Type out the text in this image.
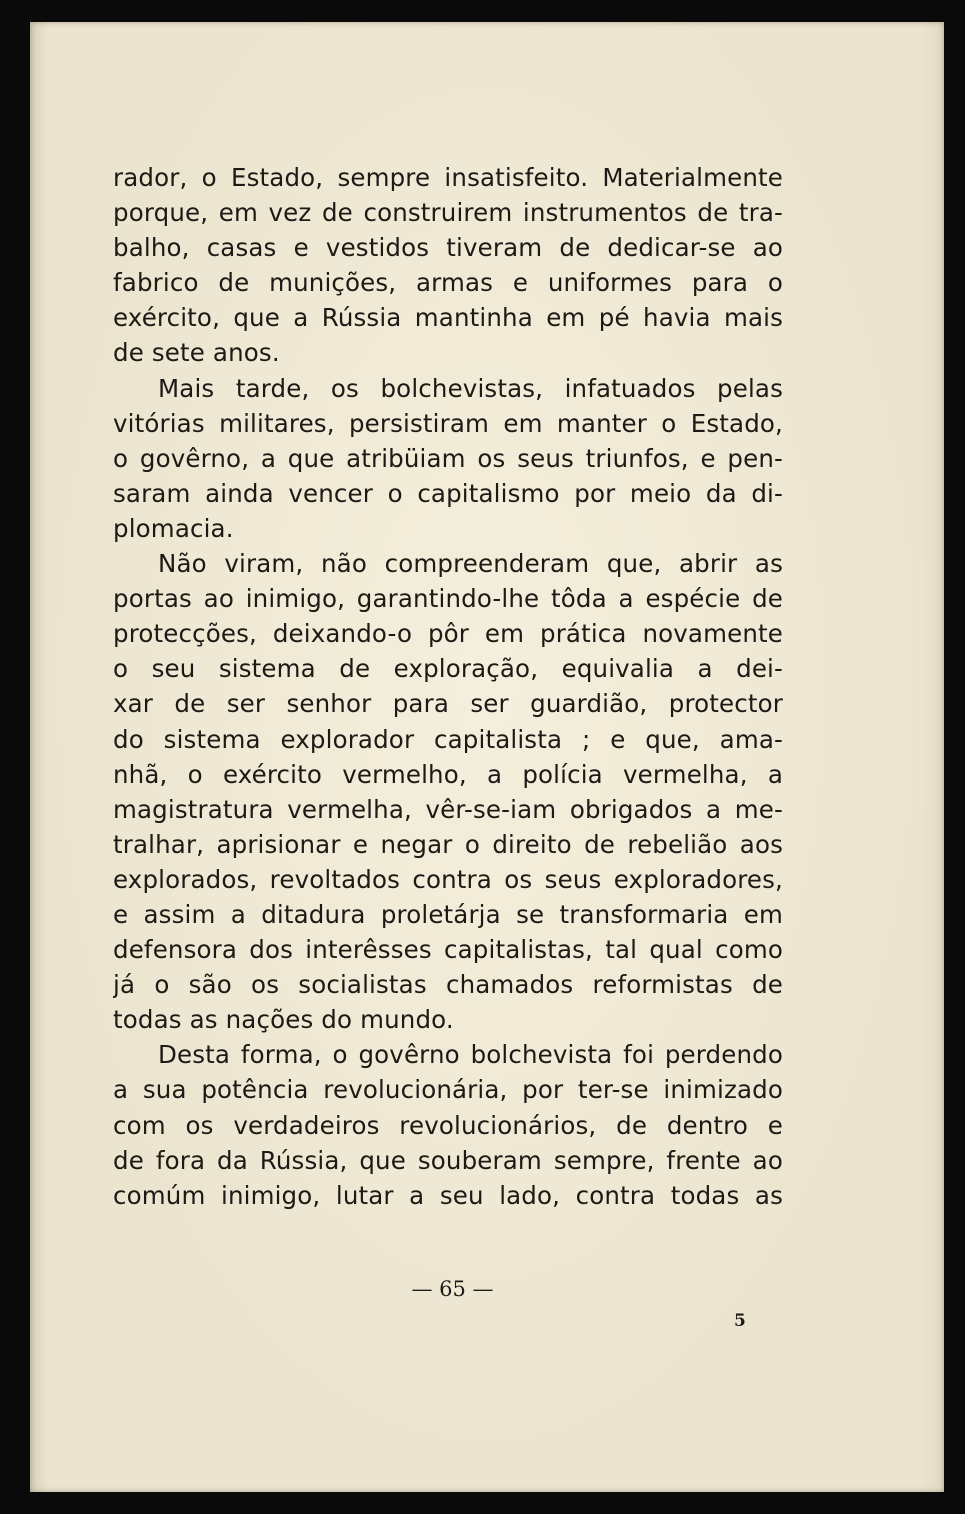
rador, o Estado, sempre insatisfeito. Materialmente
porque, em vez de construirem instrumentos de tra-
balho, casas e vestidos tiveram de dedicar-se ao
fabrico de munições, armas e uniformes para o
exército, que a Rússia mantinha em pé havia mais
de sete anos.
Mais tarde, os bolchevistas, infatuados pelas
vitórias militares, persistiram em manter o Estado,
o govêrno, a que atribüiam os seus triunfos, e pen-
saram ainda vencer o capitalismo por meio da di-
plomacia.
Não viram, não compreenderam que, abrir as
portas ao inimigo, garantindo-lhe tôda a espécie de
protecções, deixando-o pôr em prática novamente
o seu sistema de exploração, equivalia a dei-
xar de ser senhor para ser guardião, protector
do sistema explorador capitalista ; e que, ama-
nhã, o exército vermelho, a polícia vermelha, a
magistratura vermelha, vêr-se-iam obrigados a me-
tralhar, aprisionar e negar o direito de rebelião aos
explorados, revoltados contra os seus exploradores,
e assim a ditadura proletárja se transformaria em
defensora dos interêsses capitalistas, tal qual como
já o são os socialistas chamados reformistas de
todas as nações do mundo.
Desta forma, o govêrno bolchevista foi perdendo
a sua potência revolucionária, por ter-se inimizado
com os verdadeiros revolucionários, de dentro e
de fora da Rússia, que souberam sempre, frente ao
comúm inimigo, lutar a seu lado, contra todas as
— 65 —
5
